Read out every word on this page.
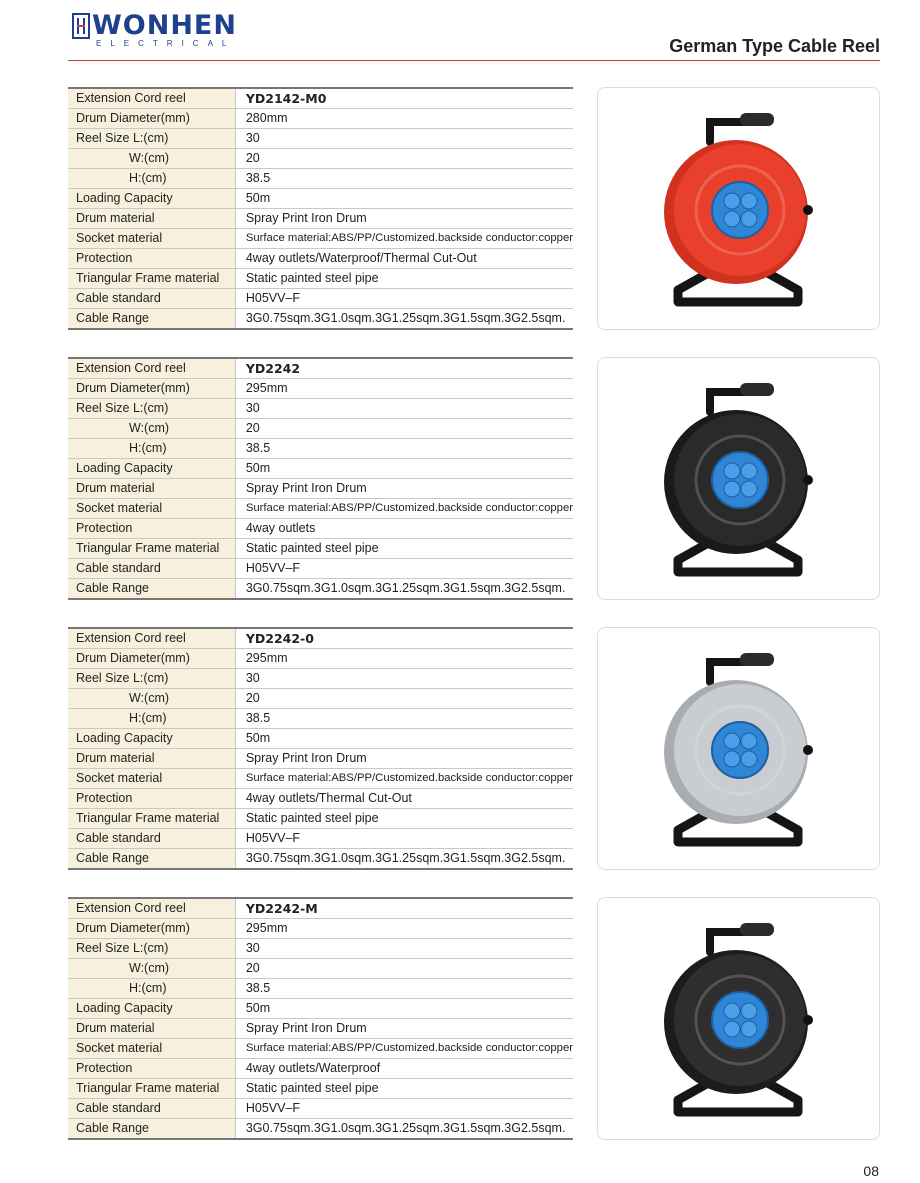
WONHEN
ELECTRICAL	German Type Cable Reel
Extension Cord reel	YD2142-M0
Drum Diameter(mm)	280mm
Reel Size L:(cm)	30
W:(cm)	20
H:(cm)	38.5
Loading Capacity	50m
Drum material	Spray Print Iron Drum
Socket material	Surface material:ABS/PP/Customized.backside conductor:copper
Protection	4way outlets/Waterproof/Thermal Cut-Out
Triangular Frame material	Static painted steel pipe
Cable standard	H05VV–F
Cable Range	3G0.75sqm.3G1.0sqm.3G1.25sqm.3G1.5sqm.3G2.5sqm.
Extension Cord reel	YD2242
Drum Diameter(mm)	295mm
Reel Size L:(cm)	30
W:(cm)	20
H:(cm)	38.5
Loading Capacity	50m
Drum material	Spray Print Iron Drum
Socket material	Surface material:ABS/PP/Customized.backside conductor:copper
Protection	4way outlets
Triangular Frame material	Static painted steel pipe
Cable standard	H05VV–F
Cable Range	3G0.75sqm.3G1.0sqm.3G1.25sqm.3G1.5sqm.3G2.5sqm.
Extension Cord reel	YD2242-0
Drum Diameter(mm)	295mm
Reel Size L:(cm)	30
W:(cm)	20
H:(cm)	38.5
Loading Capacity	50m
Drum material	Spray Print Iron Drum
Socket material	Surface material:ABS/PP/Customized.backside conductor:copper
Protection	4way outlets/Thermal Cut-Out
Triangular Frame material	Static painted steel pipe
Cable standard	H05VV–F
Cable Range	3G0.75sqm.3G1.0sqm.3G1.25sqm.3G1.5sqm.3G2.5sqm.
Extension Cord reel	YD2242-M
Drum Diameter(mm)	295mm
Reel Size L:(cm)	30
W:(cm)	20
H:(cm)	38.5
Loading Capacity	50m
Drum material	Spray Print Iron Drum
Socket material	Surface material:ABS/PP/Customized.backside conductor:copper
Protection	4way outlets/Waterproof
Triangular Frame material	Static painted steel pipe
Cable standard	H05VV–F
Cable Range	3G0.75sqm.3G1.0sqm.3G1.25sqm.3G1.5sqm.3G2.5sqm.
08
